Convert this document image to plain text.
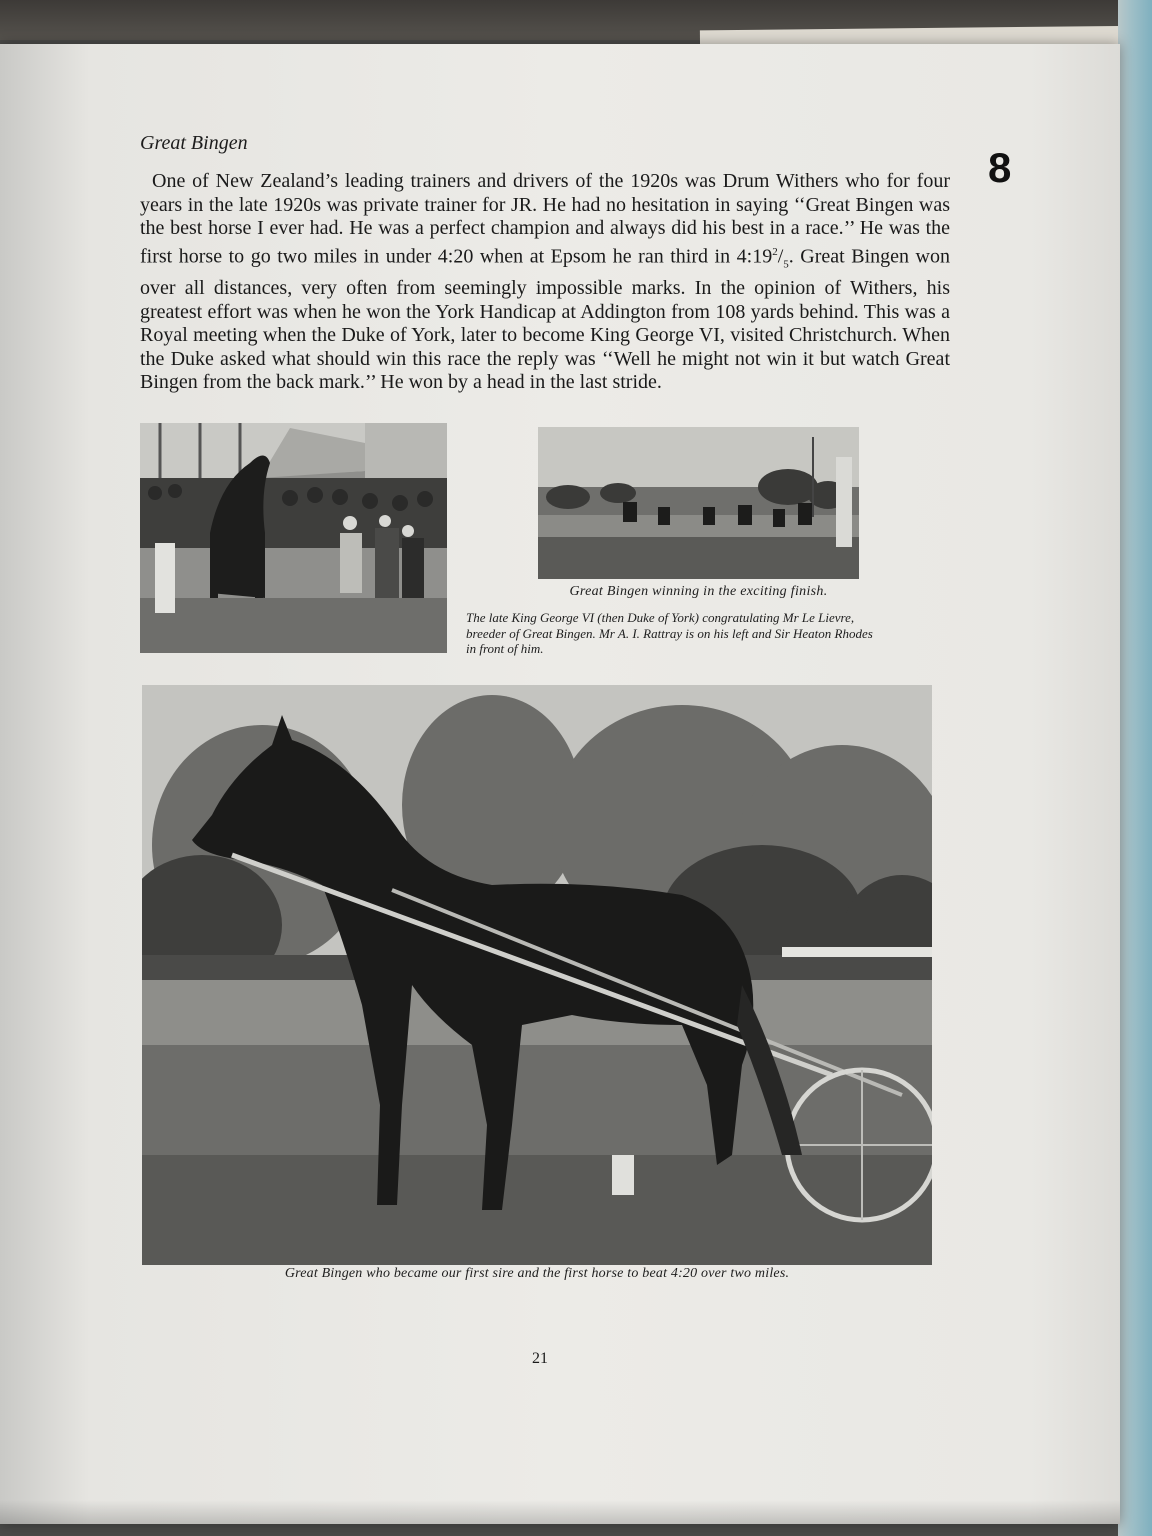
Great Bingen

8

One of New Zealand’s leading trainers and drivers of the 1920s was Drum Withers who for four years in the late 1920s was private trainer for JR. He had no hesitation in saying ‘‘Great Bingen was the best horse I ever had. He was a perfect champion and always did his best in a race.’’ He was the first horse to go two miles in under 4:20 when at Epsom he ran third in $4:19^2/_5$. Great Bingen won over all distances, very often from seemingly impossible marks. In the opinion of Withers, his greatest effort was when he won the York Handicap at Addington from 108 yards behind. This was a Royal meeting when the Duke of York, later to become King George VI, visited Christchurch. When the Duke asked what should win this race the reply was ‘‘Well he might not win it but watch Great Bingen from the back mark.’’ He won by a head in the last stride.

Great Bingen winning in the exciting finish.

The late King George VI (then Duke of York) congratulating Mr Le Lievre, breeder of Great Bingen. Mr A. I. Rattray is on his left and Sir Heaton Rhodes in front of him.

Great Bingen who became our first sire and the first horse to beat 4:20 over two miles.

21
